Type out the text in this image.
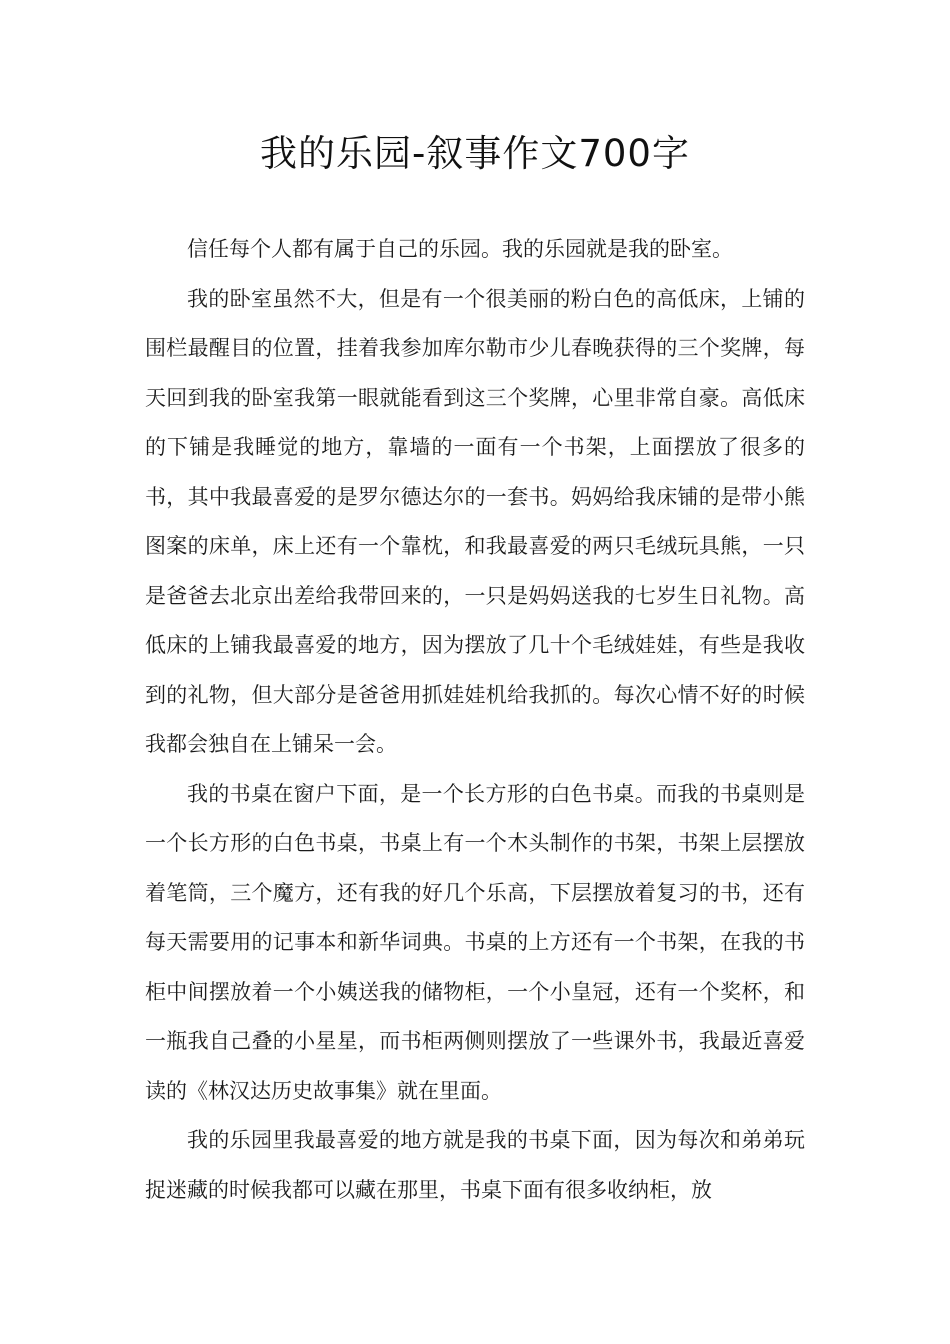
我的乐园-叙事作文700字

信任每个人都有属于自己的乐园。我的乐园就是我的卧室。

我的卧室虽然不大，但是有一个很美丽的粉白色的高低床，上铺的围栏最醒目的位置，挂着我参加库尔勒市少儿春晚获得的三个奖牌，每天回到我的卧室我第一眼就能看到这三个奖牌，心里非常自豪。高低床的下铺是我睡觉的地方，靠墙的一面有一个书架，上面摆放了很多的书，其中我最喜爱的是罗尔德达尔的一套书。妈妈给我床铺的是带小熊图案的床单，床上还有一个靠枕，和我最喜爱的两只毛绒玩具熊，一只是爸爸去北京出差给我带回来的，一只是妈妈送我的七岁生日礼物。高低床的上铺我最喜爱的地方，因为摆放了几十个毛绒娃娃，有些是我收到的礼物，但大部分是爸爸用抓娃娃机给我抓的。每次心情不好的时候我都会独自在上铺呆一会。

我的书桌在窗户下面，是一个长方形的白色书桌。而我的书桌则是一个长方形的白色书桌，书桌上有一个木头制作的书架，书架上层摆放着笔筒，三个魔方，还有我的好几个乐高，下层摆放着复习的书，还有每天需要用的记事本和新华词典。书桌的上方还有一个书架，在我的书柜中间摆放着一个小姨送我的储物柜，一个小皇冠，还有一个奖杯，和一瓶我自己叠的小星星，而书柜两侧则摆放了一些课外书，我最近喜爱读的《林汉达历史故事集》就在里面。

我的乐园里我最喜爱的地方就是我的书桌下面，因为每次和弟弟玩捉迷藏的时候我都可以藏在那里，书桌下面有很多收纳柜，放
